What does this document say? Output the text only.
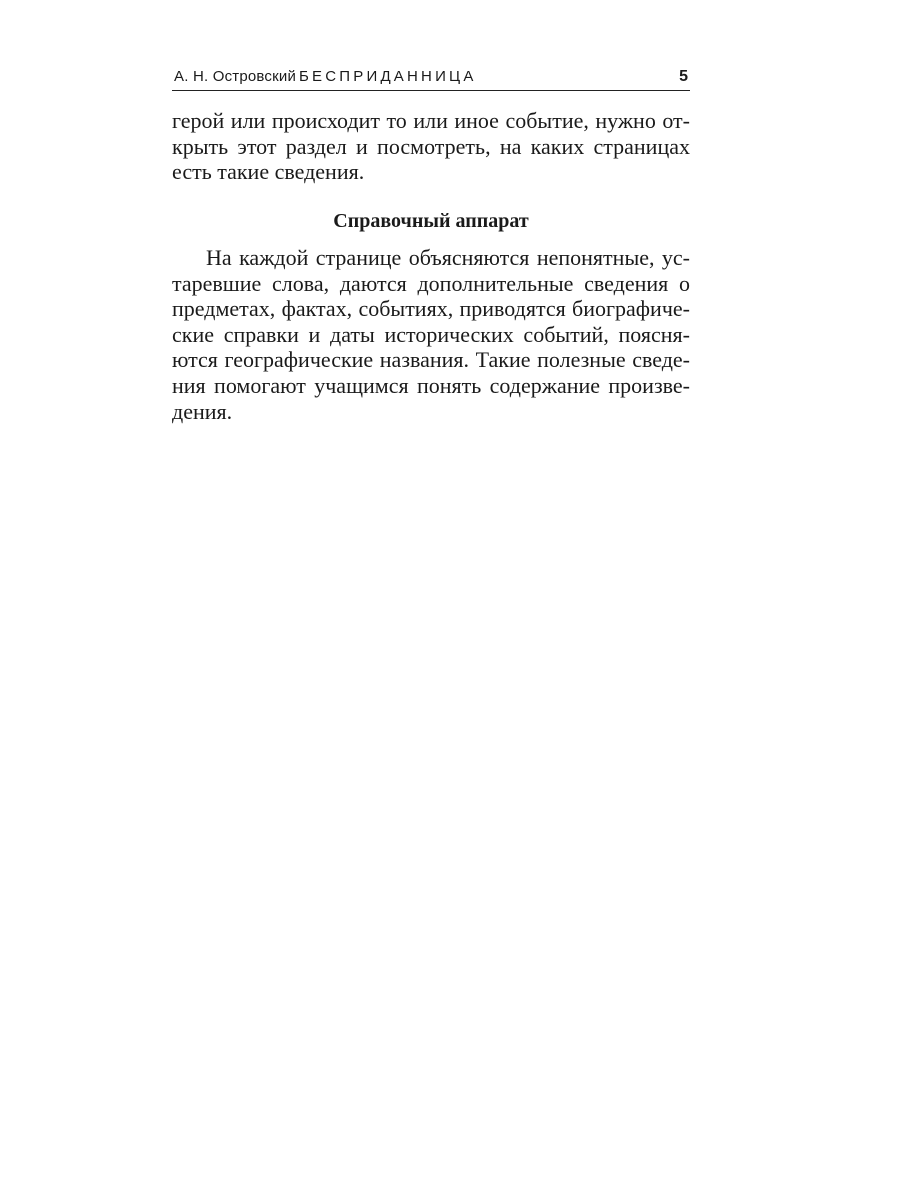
А. Н. Островский БЕСПРИДАННИЦА	5
герой или происходит то или иное событие, нужно от-
крыть этот раздел и посмотреть, на каких страницах
есть такие сведения.
Справочный аппарат
На каждой странице объясняются непонятные, ус-
таревшие слова, даются дополнительные сведения о
предметах, фактах, событиях, приводятся биографиче-
ские справки и даты исторических событий, поясня-
ются географические названия. Такие полезные сведе-
ния помогают учащимся понять содержание произве-
дения.
